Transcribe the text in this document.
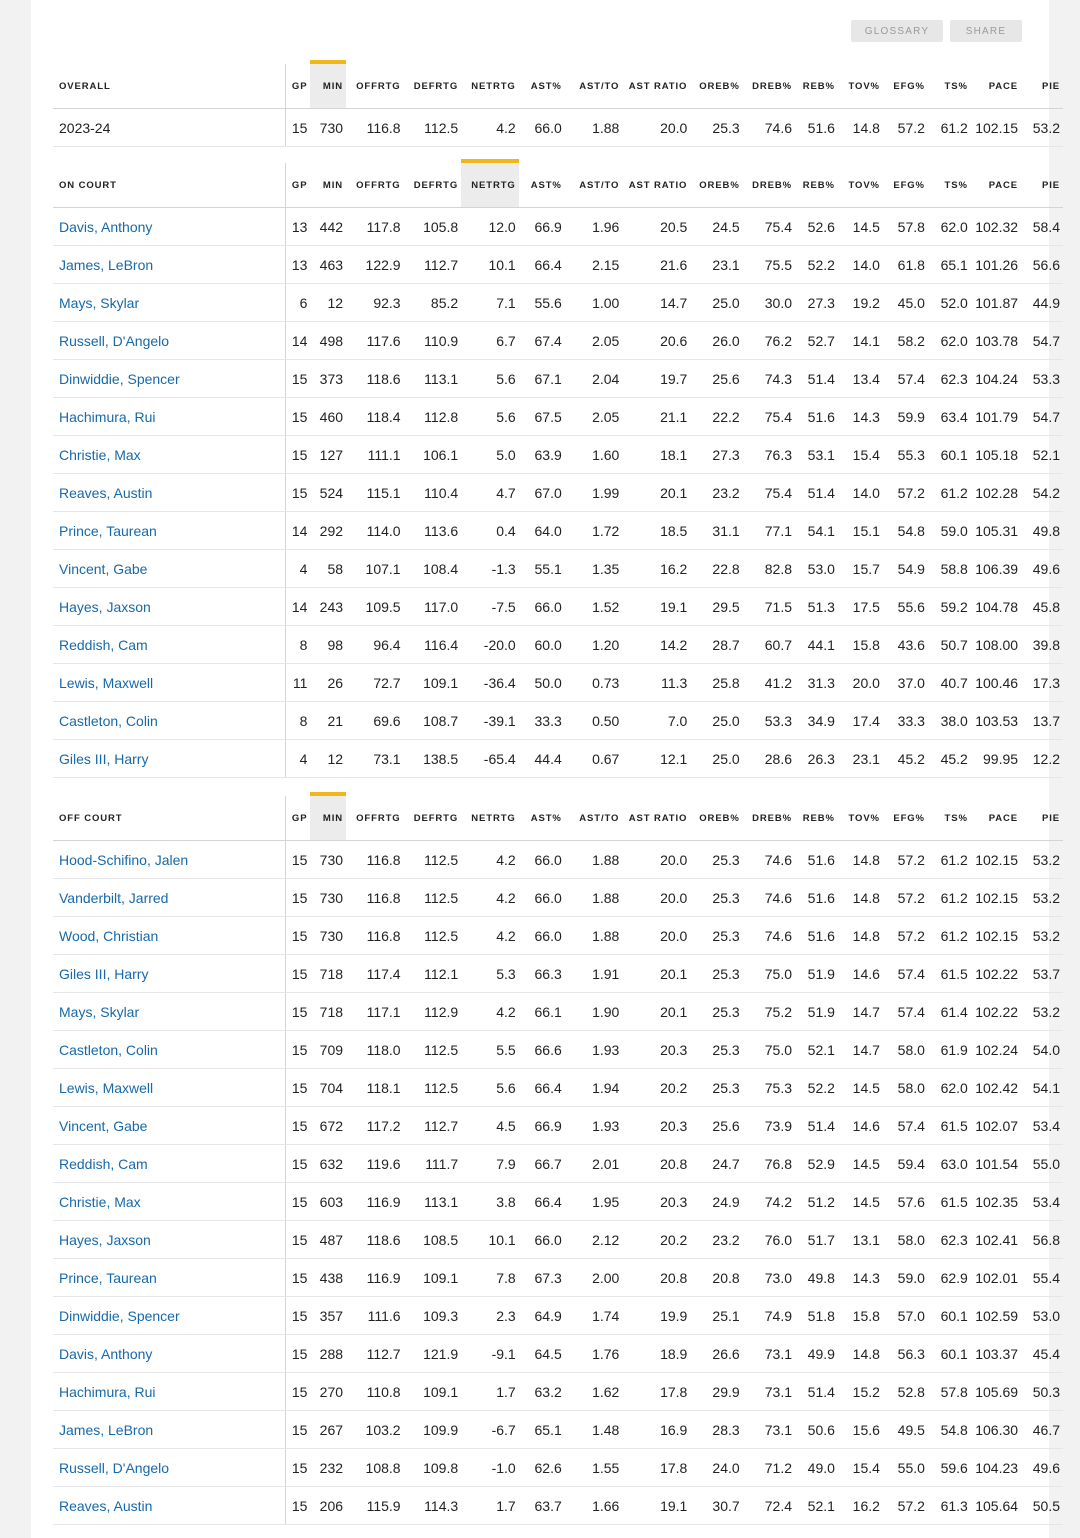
GLOSSARY	SHARE
OVERALL	GP	MIN	OFFRTG	DEFRTG	NETRTG	AST%	AST/TO	AST RATIO	OREB%	DREB%	REB%	TOV%	EFG%	TS%	PACE	PIE
2023-24	15	730	116.8	112.5	4.2	66.0	1.88	20.0	25.3	74.6	51.6	14.8	57.2	61.2	102.15	53.2
ON COURT	GP	MIN	OFFRTG	DEFRTG	NETRTG	AST%	AST/TO	AST RATIO	OREB%	DREB%	REB%	TOV%	EFG%	TS%	PACE	PIE
Davis, Anthony	13	442	117.8	105.8	12.0	66.9	1.96	20.5	24.5	75.4	52.6	14.5	57.8	62.0	102.32	58.4
James, LeBron	13	463	122.9	112.7	10.1	66.4	2.15	21.6	23.1	75.5	52.2	14.0	61.8	65.1	101.26	56.6
Mays, Skylar	6	12	92.3	85.2	7.1	55.6	1.00	14.7	25.0	30.0	27.3	19.2	45.0	52.0	101.87	44.9
Russell, D'Angelo	14	498	117.6	110.9	6.7	67.4	2.05	20.6	26.0	76.2	52.7	14.1	58.2	62.0	103.78	54.7
Dinwiddie, Spencer	15	373	118.6	113.1	5.6	67.1	2.04	19.7	25.6	74.3	51.4	13.4	57.4	62.3	104.24	53.3
Hachimura, Rui	15	460	118.4	112.8	5.6	67.5	2.05	21.1	22.2	75.4	51.6	14.3	59.9	63.4	101.79	54.7
Christie, Max	15	127	111.1	106.1	5.0	63.9	1.60	18.1	27.3	76.3	53.1	15.4	55.3	60.1	105.18	52.1
Reaves, Austin	15	524	115.1	110.4	4.7	67.0	1.99	20.1	23.2	75.4	51.4	14.0	57.2	61.2	102.28	54.2
Prince, Taurean	14	292	114.0	113.6	0.4	64.0	1.72	18.5	31.1	77.1	54.1	15.1	54.8	59.0	105.31	49.8
Vincent, Gabe	4	58	107.1	108.4	-1.3	55.1	1.35	16.2	22.8	82.8	53.0	15.7	54.9	58.8	106.39	49.6
Hayes, Jaxson	14	243	109.5	117.0	-7.5	66.0	1.52	19.1	29.5	71.5	51.3	17.5	55.6	59.2	104.78	45.8
Reddish, Cam	8	98	96.4	116.4	-20.0	60.0	1.20	14.2	28.7	60.7	44.1	15.8	43.6	50.7	108.00	39.8
Lewis, Maxwell	11	26	72.7	109.1	-36.4	50.0	0.73	11.3	25.8	41.2	31.3	20.0	37.0	40.7	100.46	17.3
Castleton, Colin	8	21	69.6	108.7	-39.1	33.3	0.50	7.0	25.0	53.3	34.9	17.4	33.3	38.0	103.53	13.7
Giles III, Harry	4	12	73.1	138.5	-65.4	44.4	0.67	12.1	25.0	28.6	26.3	23.1	45.2	45.2	99.95	12.2
OFF COURT	GP	MIN	OFFRTG	DEFRTG	NETRTG	AST%	AST/TO	AST RATIO	OREB%	DREB%	REB%	TOV%	EFG%	TS%	PACE	PIE
Hood-Schifino, Jalen	15	730	116.8	112.5	4.2	66.0	1.88	20.0	25.3	74.6	51.6	14.8	57.2	61.2	102.15	53.2
Vanderbilt, Jarred	15	730	116.8	112.5	4.2	66.0	1.88	20.0	25.3	74.6	51.6	14.8	57.2	61.2	102.15	53.2
Wood, Christian	15	730	116.8	112.5	4.2	66.0	1.88	20.0	25.3	74.6	51.6	14.8	57.2	61.2	102.15	53.2
Giles III, Harry	15	718	117.4	112.1	5.3	66.3	1.91	20.1	25.3	75.0	51.9	14.6	57.4	61.5	102.22	53.7
Mays, Skylar	15	718	117.1	112.9	4.2	66.1	1.90	20.1	25.3	75.2	51.9	14.7	57.4	61.4	102.22	53.2
Castleton, Colin	15	709	118.0	112.5	5.5	66.6	1.93	20.3	25.3	75.0	52.1	14.7	58.0	61.9	102.24	54.0
Lewis, Maxwell	15	704	118.1	112.5	5.6	66.4	1.94	20.2	25.3	75.3	52.2	14.5	58.0	62.0	102.42	54.1
Vincent, Gabe	15	672	117.2	112.7	4.5	66.9	1.93	20.3	25.6	73.9	51.4	14.6	57.4	61.5	102.07	53.4
Reddish, Cam	15	632	119.6	111.7	7.9	66.7	2.01	20.8	24.7	76.8	52.9	14.5	59.4	63.0	101.54	55.0
Christie, Max	15	603	116.9	113.1	3.8	66.4	1.95	20.3	24.9	74.2	51.2	14.5	57.6	61.5	102.35	53.4
Hayes, Jaxson	15	487	118.6	108.5	10.1	66.0	2.12	20.2	23.2	76.0	51.7	13.1	58.0	62.3	102.41	56.8
Prince, Taurean	15	438	116.9	109.1	7.8	67.3	2.00	20.8	20.8	73.0	49.8	14.3	59.0	62.9	102.01	55.4
Dinwiddie, Spencer	15	357	111.6	109.3	2.3	64.9	1.74	19.9	25.1	74.9	51.8	15.8	57.0	60.1	102.59	53.0
Davis, Anthony	15	288	112.7	121.9	-9.1	64.5	1.76	18.9	26.6	73.1	49.9	14.8	56.3	60.1	103.37	45.4
Hachimura, Rui	15	270	110.8	109.1	1.7	63.2	1.62	17.8	29.9	73.1	51.4	15.2	52.8	57.8	105.69	50.3
James, LeBron	15	267	103.2	109.9	-6.7	65.1	1.48	16.9	28.3	73.1	50.6	15.6	49.5	54.8	106.30	46.7
Russell, D'Angelo	15	232	108.8	109.8	-1.0	62.6	1.55	17.8	24.0	71.2	49.0	15.4	55.0	59.6	104.23	49.6
Reaves, Austin	15	206	115.9	114.3	1.7	63.7	1.66	19.1	30.7	72.4	52.1	16.2	57.2	61.3	105.64	50.5
